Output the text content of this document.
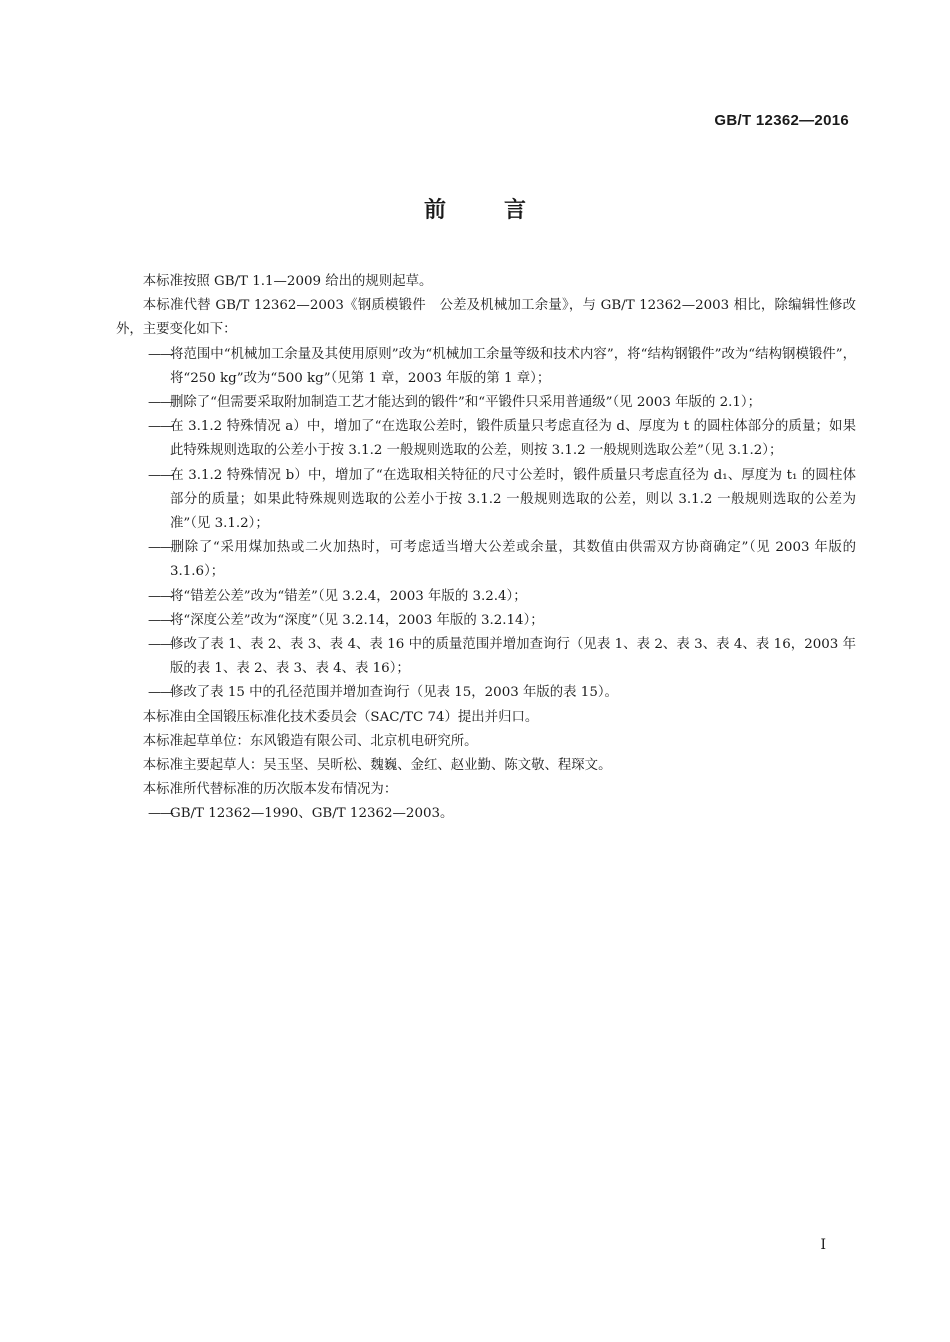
GB/T 12362—2016
前	言

本标准按照 GB/T 1.1—2009 给出的规则起草。

本标准代替 GB/T 12362—2003《钢质模锻件　公差及机械加工余量》，与 GB/T 12362—2003 相比，除编辑性修改外，主要变化如下：

——将范围中“机械加工余量及其使用原则”改为“机械加工余量等级和技术内容”，将“结构钢锻件”改为“结构钢模锻件”，将“250 kg”改为“500 kg”（见第 1 章，2003 年版的第 1 章）；

——删除了“但需要采取附加制造工艺才能达到的锻件”和“平锻件只采用普通级”（见 2003 年版的 2.1）；

——在 3.1.2 特殊情况 a）中，增加了“在选取公差时，锻件质量只考虑直径为 d、厚度为 t 的圆柱体部分的质量；如果此特殊规则选取的公差小于按 3.1.2 一般规则选取的公差，则按 3.1.2 一般规则选取公差”（见 3.1.2）；

——在 3.1.2 特殊情况 b）中，增加了“在选取相关特征的尺寸公差时，锻件质量只考虑直径为 d₁、厚度为 t₁ 的圆柱体部分的质量；如果此特殊规则选取的公差小于按 3.1.2 一般规则选取的公差，则以 3.1.2 一般规则选取的公差为准”（见 3.1.2）；

——删除了“采用煤加热或二火加热时，可考虑适当增大公差或余量，其数值由供需双方协商确定”（见 2003 年版的 3.1.6）；

——将“错差公差”改为“错差”（见 3.2.4，2003 年版的 3.2.4）；

——将“深度公差”改为“深度”（见 3.2.14，2003 年版的 3.2.14）；

——修改了表 1、表 2、表 3、表 4、表 16 中的质量范围并增加查询行（见表 1、表 2、表 3、表 4、表 16，2003 年版的表 1、表 2、表 3、表 4、表 16）；

——修改了表 15 中的孔径范围并增加查询行（见表 15，2003 年版的表 15）。

本标准由全国锻压标准化技术委员会（SAC/TC 74）提出并归口。

本标准起草单位：东风锻造有限公司、北京机电研究所。

本标准主要起草人：吴玉坚、吴昕松、魏巍、金红、赵业勤、陈文敬、程琛文。

本标准所代替标准的历次版本发布情况为：

——GB/T 12362—1990、GB/T 12362—2003。

I
